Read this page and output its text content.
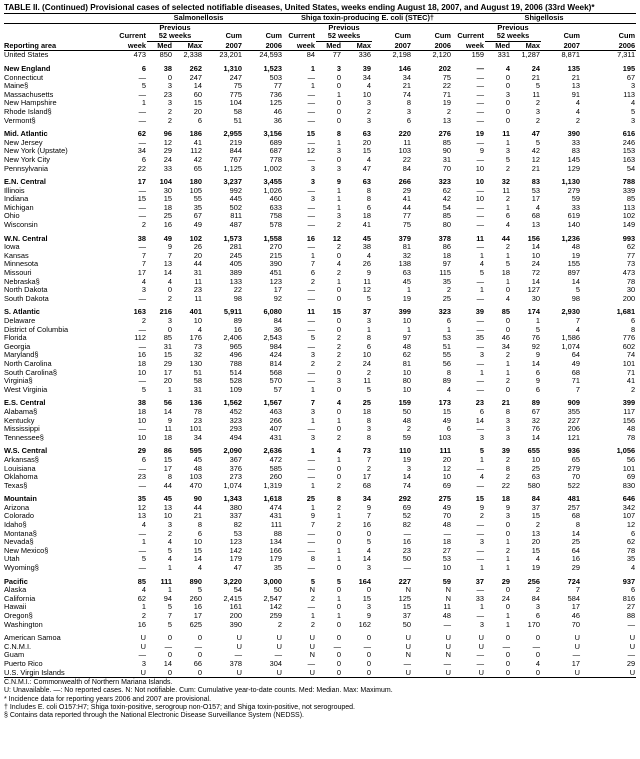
TABLE II. (Continued) Provisional cases of selected notifiable diseases, United States, weeks ending August 18, 2007, and August 19, 2006 (33rd Week)*
	Salmonellosis					Shiga toxin-producing E. coli (STEC)†					Shigellosis				
		Previous					Previous					Previous			
	Current	52 weeks		Cum	Cum	Current	52 weeks		Cum	Cum	Current	52 weeks		Cum	Cum
Reporting area	week	Med	Max	2007	2006	week	Med	Max	2007	2006	week	Med	Max	2007	2006
United States	473	850	2,338	23,201	24,593	84	77	336	2,198	2,120	159	331	1,287	8,871	7,311

New England	6	38	262	1,310	1,523	1	3	39	146	202	—	4	24	135	195
Connecticut	—	0	247	247	503	—	0	34	34	75	—	0	21	21	67
Maine§	5	3	14	75	77	1	0	4	21	22	—	0	5	13	3
Massachusetts	—	23	60	775	736	—	1	10	74	71	—	3	11	91	113
New Hampshire	1	3	15	104	125	—	0	3	8	19	—	0	2	4	4
Rhode Island§	—	2	20	58	46	—	0	2	3	2	—	0	3	4	5
Vermont§	—	2	6	51	36	—	0	3	6	13	—	0	2	2	3

Mid. Atlantic	62	96	186	2,955	3,156	15	8	63	220	276	19	11	47	390	616
New Jersey	—	12	41	219	689	—	1	20	11	85	—	1	5	33	246
New York (Upstate)	34	29	112	844	687	12	3	15	103	90	9	3	42	83	153
New York City	6	24	42	767	778	—	0	4	22	31	—	5	12	145	163
Pennsylvania	22	33	65	1,125	1,002	3	3	47	84	70	10	2	21	129	54

E.N. Central	17	104	180	3,237	3,455	3	9	63	266	323	10	32	83	1,130	788
Illinois	—	30	105	992	1,026	—	1	8	29	62	—	11	53	279	339
Indiana	15	15	55	445	460	3	1	8	41	42	10	2	17	59	85
Michigan	—	18	35	502	633	—	1	6	44	54	—	1	4	33	113
Ohio	—	25	67	811	758	—	3	18	77	85	—	6	68	619	102
Wisconsin	2	16	49	487	578	—	2	41	75	80	—	4	13	140	149

W.N. Central	38	49	102	1,573	1,558	16	12	45	379	378	11	44	156	1,236	993
Iowa	—	9	26	281	270	—	2	38	81	86	—	2	14	48	62
Kansas	7	7	20	245	215	1	0	4	32	18	1	1	10	19	77
Minnesota	7	13	44	405	390	7	4	26	138	97	4	5	24	155	73
Missouri	17	14	31	389	451	6	2	9	63	115	5	18	72	897	473
Nebraska§	4	4	11	133	123	2	1	11	45	35	—	1	14	14	78
North Dakota	3	0	23	22	17	—	0	12	1	2	1	0	127	5	30
South Dakota	—	2	11	98	92	—	0	5	19	25	—	4	30	98	200

S. Atlantic	163	216	401	5,911	6,080	11	15	37	399	323	39	85	174	2,930	1,681
Delaware	2	3	10	89	84	—	0	3	10	6	—	0	1	7	6
District of Columbia	—	0	4	16	36	—	0	1	1	1	—	0	5	4	8
Florida	112	85	176	2,406	2,543	5	2	8	97	53	35	46	76	1,586	776
Georgia	—	31	73	965	984	—	2	6	48	51	—	34	92	1,074	602
Maryland§	16	15	32	496	424	3	2	10	62	55	3	2	9	64	74
North Carolina	18	29	130	788	814	2	2	24	81	56	—	1	14	49	101
South Carolina§	10	17	51	514	568	—	0	2	10	8	1	1	6	68	71
Virginia§	—	20	58	528	570	—	3	11	80	89	—	2	9	71	41
West Virginia	5	1	31	109	57	1	0	5	10	4	—	0	6	7	2

E.S. Central	38	56	136	1,562	1,567	7	4	25	159	173	23	21	89	909	399
Alabama§	18	14	78	452	463	3	0	18	50	15	6	8	67	355	117
Kentucky	10	9	23	323	266	1	1	8	48	49	14	3	32	227	156
Mississippi	—	11	101	293	407	—	0	3	2	6	—	3	76	206	48
Tennessee§	10	18	34	494	431	3	2	8	59	103	3	3	14	121	78

W.S. Central	29	86	595	2,090	2,636	1	4	73	110	111	5	39	655	936	1,056
Arkansas§	6	15	45	367	472	—	1	7	19	20	1	2	10	65	56
Louisiana	—	17	48	376	585	—	0	2	3	12	—	8	25	279	101
Oklahoma	23	8	103	273	260	—	0	17	14	10	4	2	63	70	69
Texas§	—	44	470	1,074	1,319	1	2	68	74	69	—	22	580	522	830

Mountain	35	45	90	1,343	1,618	25	8	34	292	275	15	18	84	481	646
Arizona	12	13	44	380	474	1	2	9	69	49	9	9	37	257	342
Colorado	13	10	21	337	431	9	1	7	52	70	2	3	15	68	107
Idaho§	4	3	8	82	111	7	2	16	82	48	—	0	2	8	12
Montana§	—	2	6	53	88	—	0	0	—	—	—	0	13	14	6
Nevada§	1	4	10	123	134	—	0	5	16	18	3	1	20	25	62
New Mexico§	—	5	15	142	166	—	1	4	23	27	—	2	15	64	78
Utah	5	4	14	179	179	8	1	14	50	53	—	1	4	16	35
Wyoming§	—	1	4	47	35	—	0	3	—	10	1	1	19	29	4

Pacific	85	111	890	3,220	3,000	5	5	164	227	59	37	29	256	724	937
Alaska	4	1	5	54	50	N	0	0	N	N	—	0	2	7	6
California	62	94	260	2,415	2,547	2	1	15	125	N	33	24	84	584	816
Hawaii	1	5	16	161	142	—	0	3	15	11	1	0	3	17	27
Oregon§	2	7	17	200	259	1	1	9	37	48	—	1	6	46	88
Washington	16	5	625	390	2	2	0	162	50	—	3	1	170	70	—

American Samoa	U	0	0	U	U	U	0	0	U	U	U	0	0	U	U
C.N.M.I.	U	—	—	U	U	U	—	—	U	U	U	—	—	U	U
Guam	—	0	0	—	—	N	0	0	N	N	—	0	0	—	—
Puerto Rico	3	14	66	378	304	—	0	0	—	—	—	0	4	17	29
U.S. Virgin Islands	U	0	0	U	U	U	0	0	U	U	U	0	0	U	U
C.N.M.I.: Commonwealth of Northern Mariana Islands.
U: Unavailable. —: No reported cases. N: Not notifiable. Cum: Cumulative year-to-date counts. Med: Median. Max: Maximum.
* Incidence data for reporting years 2006 and 2007 are provisional.
† Includes E. coli O157:H7; Shiga toxin-positive, serogroup non-O157; and Shiga toxin-positive, not serogrouped.
§ Contains data reported through the National Electronic Disease Surveillance System (NEDSS).
